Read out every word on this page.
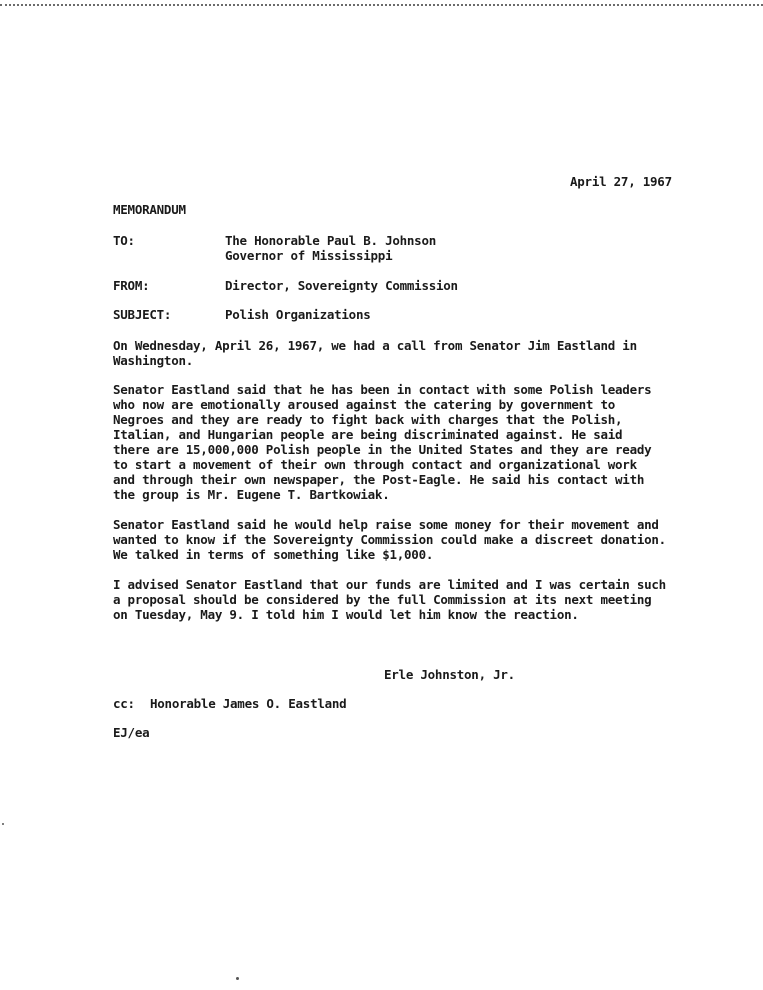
April 27, 1967
MEMORANDUM
TO:	The Honorable Paul B. Johnson
Governor of Mississippi
FROM:	Director, Sovereignty Commission
SUBJECT:	Polish Organizations
On Wednesday, April 26, 1967, we had a call from Senator Jim Eastland in
Washington.
Senator Eastland said that he has been in contact with some Polish leaders
who now are emotionally aroused against the catering by government to
Negroes and they are ready to fight back with charges that the Polish,
Italian, and Hungarian people are being discriminated against. He said
there are 15,000,000 Polish people in the United States and they are ready
to start a movement of their own through contact and organizational work
and through their own newspaper, the Post-Eagle. He said his contact with
the group is Mr. Eugene T. Bartkowiak.
Senator Eastland said he would help raise some money for their movement and
wanted to know if the Sovereignty Commission could make a discreet donation.
We talked in terms of something like $1,000.
I advised Senator Eastland that our funds are limited and I was certain such
a proposal should be considered by the full Commission at its next meeting
on Tuesday, May 9. I told him I would let him know the reaction.
Erle Johnston, Jr.
cc: Honorable James O. Eastland
EJ/ea
